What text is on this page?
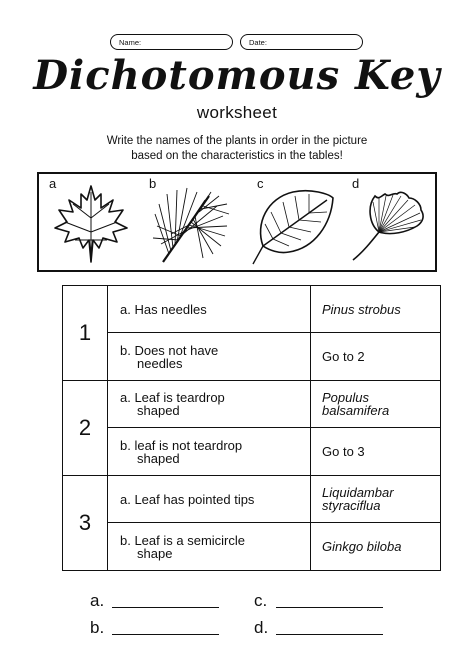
Name:	Date:
Dichotomous Key
worksheet
Write the names of the plants in order in the picture
based on the characteristics in the tables!
a	b	c	d
1	a. Has needles	Pinus strobus
	b. Does not have
needles	Go to 2
2	a. Leaf is teardrop
shaped	Populus
balsamifera
	b. leaf is not teardrop
shaped	Go to 3
3	a. Leaf has pointed tips	Liquidambar
styraciflua
	b. Leaf is a semicircle
shape	Ginkgo biloba
a.	c.
b.	d.
